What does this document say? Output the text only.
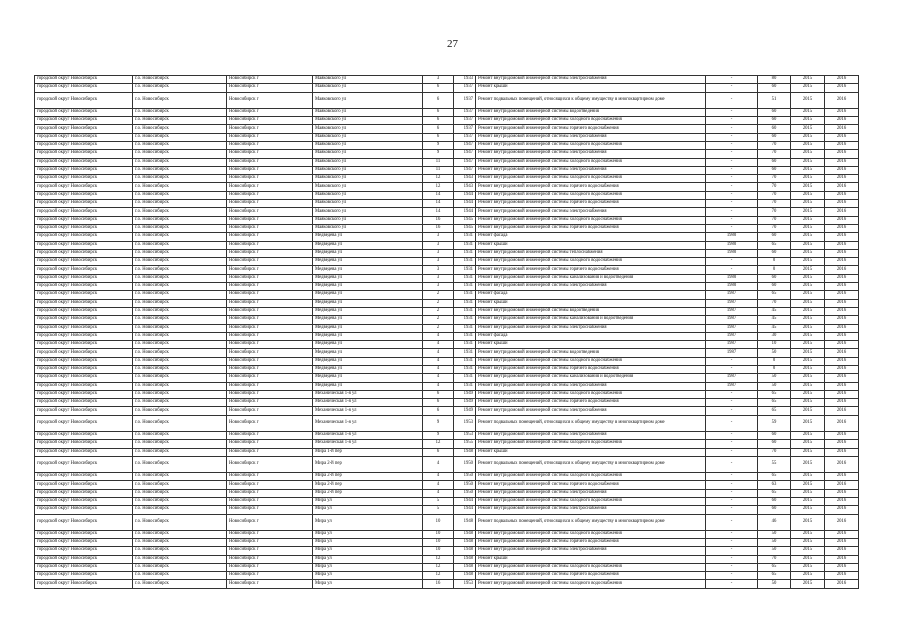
27
городской округ Новосибирск	г.о. Новосибирск	Новосибирск г	Маяковского ул	3	1933	Ремонт внутридомовой инженерной системы электроснабжения	-	80	2015	2016
городской округ Новосибирск	г.о. Новосибирск	Новосибирск г	Маяковского ул	6	1937	Ремонт крыши	-	60	2015	2016
городской округ Новосибирск	г.о. Новосибирск	Новосибирск г	Маяковского ул	6	1937	Ремонт подвальных помещений, относящихся к общему имуществу в многоквартирном доме	-	51	2015	2016
городской округ Новосибирск	г.о. Новосибирск	Новосибирск г	Маяковского ул	6	1937	Ремонт внутридомовой инженерной системы водоотведения	-	60	2015	2016
городской округ Новосибирск	г.о. Новосибирск	Новосибирск г	Маяковского ул	6	1937	Ремонт внутридомовой инженерной системы холодного водоснабжения	-	60	2015	2016
городской округ Новосибирск	г.о. Новосибирск	Новосибирск г	Маяковского ул	6	1937	Ремонт внутридомовой инженерной системы горячего водоснабжения	-	60	2015	2016
городской округ Новосибирск	г.о. Новосибирск	Новосибирск г	Маяковского ул	6	1937	Ремонт внутридомовой инженерной системы электроснабжения	-	60	2015	2016
городской округ Новосибирск	г.о. Новосибирск	Новосибирск г	Маяковского ул	9	1947	Ремонт внутридомовой инженерной системы холодного водоснабжения	-	70	2015	2016
городской округ Новосибирск	г.о. Новосибирск	Новосибирск г	Маяковского ул	9	1947	Ремонт внутридомовой инженерной системы электроснабжения	-	70	2015	2016
городской округ Новосибирск	г.о. Новосибирск	Новосибирск г	Маяковского ул	11	1947	Ремонт внутридомовой инженерной системы холодного водоснабжения	-	60	2015	2016
городской округ Новосибирск	г.о. Новосибирск	Новосибирск г	Маяковского ул	11	1947	Ремонт внутридомовой инженерной системы электроснабжения	-	60	2015	2016
городской округ Новосибирск	г.о. Новосибирск	Новосибирск г	Маяковского ул	12	1943	Ремонт внутридомовой инженерной системы холодного водоснабжения	-	70	2015	2016
городской округ Новосибирск	г.о. Новосибирск	Новосибирск г	Маяковского ул	12	1943	Ремонт внутридомовой инженерной системы горячего водоснабжения	-	70	2015	2016
городской округ Новосибирск	г.о. Новосибирск	Новосибирск г	Маяковского ул	14	1944	Ремонт внутридомовой инженерной системы холодного водоснабжения	-	70	2015	2016
городской округ Новосибирск	г.о. Новосибирск	Новосибирск г	Маяковского ул	14	1944	Ремонт внутридомовой инженерной системы горячего водоснабжения	-	70	2015	2016
городской округ Новосибирск	г.о. Новосибирск	Новосибирск г	Маяковского ул	14	1944	Ремонт внутридомовой инженерной системы электроснабжения	-	70	2015	2016
городской округ Новосибирск	г.о. Новосибирск	Новосибирск г	Маяковского ул	16	1945	Ремонт внутридомовой инженерной системы холодного водоснабжения	-	70	2015	2016
городской округ Новосибирск	г.о. Новосибирск	Новосибирск г	Маяковского ул	16	1945	Ремонт внутридомовой инженерной системы горячего водоснабжения	-	70	2015	2016
городской округ Новосибирск	г.о. Новосибирск	Новосибирск г	Медведева ул	3	1931	Ремонт фасада	1980	60	2015	2016
городской округ Новосибирск	г.о. Новосибирск	Новосибирск г	Медведева ул	3	1931	Ремонт крыши	1980	65	2015	2016
городской округ Новосибирск	г.о. Новосибирск	Новосибирск г	Медведева ул	3	1931	Ремонт внутридомовой инженерной системы теплоснабжения	1980	60	2015	2016
городской округ Новосибирск	г.о. Новосибирск	Новосибирск г	Медведева ул	3	1931	Ремонт внутридомовой инженерной системы холодного водоснабжения	-	0	2015	2016
городской округ Новосибирск	г.о. Новосибирск	Новосибирск г	Медведева ул	3	1931	Ремонт внутридомовой инженерной системы горячего водоснабжения	-	0	2015	2016
городской округ Новосибирск	г.о. Новосибирск	Новосибирск г	Медведева ул	3	1931	Ремонт внутридомовой инженерной системы канализования и водоотведения	1980	60	2015	2016
городской округ Новосибирск	г.о. Новосибирск	Новосибирск г	Медведева ул	3	1931	Ремонт внутридомовой инженерной системы электроснабжения	1980	60	2015	2016
городской округ Новосибирск	г.о. Новосибирск	Новосибирск г	Медведева ул	2	1931	Ремонт фасада	1987	65	2015	2016
городской округ Новосибирск	г.о. Новосибирск	Новосибирск г	Медведева ул	2	1931	Ремонт крыши	1987	70	2015	2016
городской округ Новосибирск	г.о. Новосибирск	Новосибирск г	Медведева ул	2	1931	Ремонт внутридомовой инженерной системы водоотведения	1987	45	2015	2016
городской округ Новосибирск	г.о. Новосибирск	Новосибирск г	Медведева ул	2	1931	Ремонт внутридомовой инженерной системы канализования и водоотведения	1987	45	2015	2016
городской округ Новосибирск	г.о. Новосибирск	Новосибирск г	Медведева ул	2	1931	Ремонт внутридомовой инженерной системы электроснабжения	1987	45	2015	2016
городской округ Новосибирск	г.о. Новосибирск	Новосибирск г	Медведева ул	4	1931	Ремонт фасада	1987	30	2015	2016
городской округ Новосибирск	г.о. Новосибирск	Новосибирск г	Медведева ул	4	1931	Ремонт крыши	1987	10	2015	2016
городской округ Новосибирск	г.о. Новосибирск	Новосибирск г	Медведева ул	4	1931	Ремонт внутридомовой инженерной системы водоотведения	1987	50	2015	2016
городской округ Новосибирск	г.о. Новосибирск	Новосибирск г	Медведева ул	4	1931	Ремонт внутридомовой инженерной системы холодного водоснабжения	-	0	2015	2016
городской округ Новосибирск	г.о. Новосибирск	Новосибирск г	Медведева ул	4	1931	Ремонт внутридомовой инженерной системы горячего водоснабжения	-	0	2015	2016
городской округ Новосибирск	г.о. Новосибирск	Новосибирск г	Медведева ул	4	1931	Ремонт внутридомовой инженерной системы канализования и водоотведения	1987	50	2015	2016
городской округ Новосибирск	г.о. Новосибирск	Новосибирск г	Медведева ул	4	1931	Ремонт внутридомовой инженерной системы электроснабжения	1987	50	2015	2016
городской округ Новосибирск	г.о. Новосибирск	Новосибирск г	Механическая 1-я ул	6	1949	Ремонт внутридомовой инженерной системы холодного водоснабжения	-	65	2015	2016
городской округ Новосибирск	г.о. Новосибирск	Новосибирск г	Механическая 1-я ул	6	1949	Ремонт внутридомовой инженерной системы горячего водоснабжения	-	65	2015	2016
городской округ Новосибирск	г.о. Новосибирск	Новосибирск г	Механическая 1-я ул	6	1949	Ремонт внутридомовой инженерной системы электроснабжения	-	65	2015	2016
городской округ Новосибирск	г.о. Новосибирск	Новосибирск г	Механическая 1-я ул	9	1953	Ремонт подвальных помещений, относящихся к общему имуществу в многоквартирном доме	-	59	2015	2016
городской округ Новосибирск	г.о. Новосибирск	Новосибирск г	Механическая 1-я ул	9	1953	Ремонт внутридомовой инженерной системы электроснабжения	-	60	2015	2016
городской округ Новосибирск	г.о. Новосибирск	Новосибирск г	Механическая 1-я ул	12	1955	Ремонт внутридомовой инженерной системы холодного водоснабжения	-	60	2015	2016
городской округ Новосибирск	г.о. Новосибирск	Новосибирск г	Мира 1-й пер	6	1948	Ремонт крыши	-	70	2015	2016
городской округ Новосибирск	г.о. Новосибирск	Новосибирск г	Мира 2-й пер	4	1950	Ремонт подвальных помещений, относящихся к общему имуществу в многоквартирном доме	-	55	2015	2016
городской округ Новосибирск	г.о. Новосибирск	Новосибирск г	Мира 2-й пер	4	1950	Ремонт внутридомовой инженерной системы холодного водоснабжения	-	65	2015	2016
городской округ Новосибирск	г.о. Новосибирск	Новосибирск г	Мира 2-й пер	4	1950	Ремонт внутридомовой инженерной системы горячего водоснабжения	-	63	2015	2016
городской округ Новосибирск	г.о. Новосибирск	Новосибирск г	Мира 2-й пер	4	1950	Ремонт внутридомовой инженерной системы электроснабжения	-	65	2015	2016
городской округ Новосибирск	г.о. Новосибирск	Новосибирск г	Мира ул	5	1944	Ремонт внутридомовой инженерной системы холодного водоснабжения	-	60	2015	2016
городской округ Новосибирск	г.о. Новосибирск	Новосибирск г	Мира ул	5	1944	Ремонт внутридомовой инженерной системы электроснабжения	-	60	2015	2016
городской округ Новосибирск	г.о. Новосибирск	Новосибирск г	Мира ул	10	1948	Ремонт подвальных помещений, относящихся к общему имуществу в многоквартирном доме	-	46	2015	2016
городской округ Новосибирск	г.о. Новосибирск	Новосибирск г	Мира ул	10	1948	Ремонт внутридомовой инженерной системы холодного водоснабжения	-	50	2015	2016
городской округ Новосибирск	г.о. Новосибирск	Новосибирск г	Мира ул	10	1948	Ремонт внутридомовой инженерной системы горячего водоснабжения	-	50	2015	2016
городской округ Новосибирск	г.о. Новосибирск	Новосибирск г	Мира ул	10	1948	Ремонт внутридомовой инженерной системы электроснабжения	-	50	2015	2016
городской округ Новосибирск	г.о. Новосибирск	Новосибирск г	Мира ул	12	1948	Ремонт крыши	-	70	2015	2016
городской округ Новосибирск	г.о. Новосибирск	Новосибирск г	Мира ул	12	1948	Ремонт внутридомовой инженерной системы холодного водоснабжения	-	65	2015	2016
городской округ Новосибирск	г.о. Новосибирск	Новосибирск г	Мира ул	12	1948	Ремонт внутридомовой инженерной системы горячего водоснабжения	-	65	2015	2016
городской округ Новосибирск	г.о. Новосибирск	Новосибирск г	Мира ул	16	1953	Ремонт внутридомовой инженерной системы холодного водоснабжения	-	50	2015	2016
